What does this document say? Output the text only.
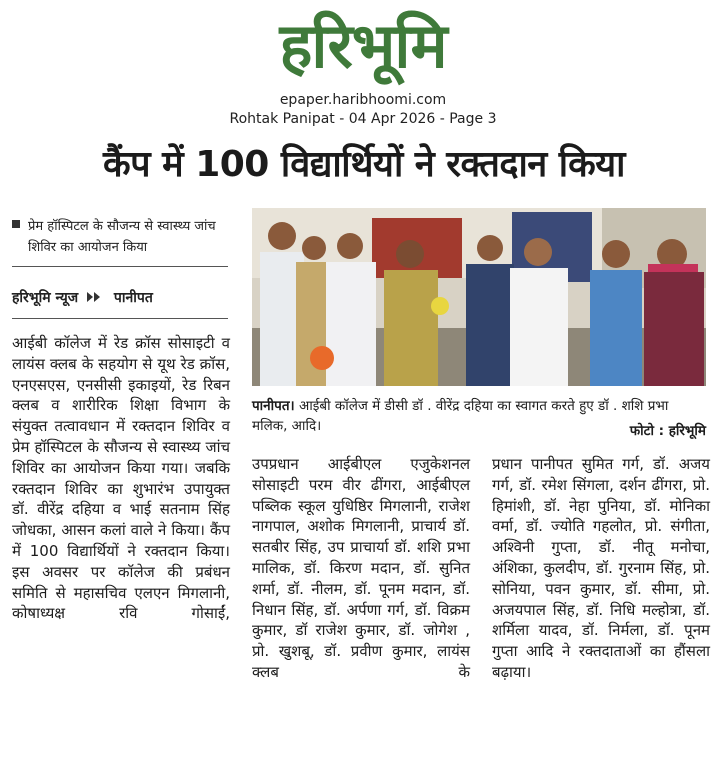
हरिभूमि
epaper.haribhoomi.com
Rohtak Panipat - 04 Apr 2026 - Page 3
कैंप में 100 विद्यार्थियों ने रक्तदान किया
प्रेम हॉस्पिटल के सौजन्य से स्वास्थ्य जांच शिविर का आयोजन किया
हरिभूमि न्यूज	पानीपत

आईबी कॉलेज में रेड क्रॉस सोसाइटी व लायंस क्लब के सहयोग से यूथ रेड क्रॉस, एनएसएस, एनसीसी इकाइयों, रेड रिबन क्लब व शारीरिक शिक्षा विभाग के संयुक्त तत्वावधान में रक्तदान शिविर व प्रेम हॉस्पिटल के सौजन्य से स्वास्थ्य जांच शिविर का आयोजन किया गया। जबकि रक्तदान शिविर का शुभारंभ उपायुक्त डॉ. वीरेंद्र दहिया व भाई सतनाम सिंह जोधका, आसन कलां वाले ने किया। कैंप में 100 विद्यार्थियों ने रक्तदान किया। इस अवसर पर कॉलेज की प्रबंधन समिति से महासचिव एलएन मिगलानी, कोषाध्यक्ष रवि गोसाईं,

पानीपत। आईबी कॉलेज में डीसी डॉ . वीरेंद्र दहिया का स्वागत करते हुए डॉ . शशि प्रभा मलिक, आदि।	फोटो : हरिभूमि

उपप्रधान आईबीएल एजुकेशनल सोसाइटी परम वीर ढींगरा, आईबीएल पब्लिक स्कूल युधिष्ठिर मिगलानी, राजेश नागपाल, अशोक मिगलानी, प्राचार्य डॉ. सतबीर सिंह, उप प्राचार्या डॉ. शशि प्रभा मालिक, डॉ. किरण मदान, डॉ. सुनित शर्मा, डॉ. नीलम, डॉ. पूनम मदान, डॉ. निधान सिंह, डॉ. अर्पणा गर्ग, डॉ. विक्रम कुमार, डॉ राजेश कुमार, डॉ. जोगेश , प्रो. खुशबू, डॉ. प्रवीण कुमार, लायंस क्लब के

प्रधान पानीपत सुमित गर्ग, डॉ. अजय गर्ग, डॉ. रमेश सिंगला, दर्शन ढींगरा, प्रो. हिमांशी, डॉ. नेहा पुनिया, डॉ. मोनिका वर्मा, डॉ. ज्योति गहलोत, प्रो. संगीता, अश्विनी गुप्ता, डॉ. नीतू मनोचा, अंशिका, कुलदीप, डॉ. गुरनाम सिंह, प्रो. सोनिया, पवन कुमार, डॉ. सीमा, प्रो. अजयपाल सिंह, डॉ. निधि मल्होत्रा, डॉ. शर्मिला यादव, डॉ. निर्मला, डॉ. पूनम गुप्ता आदि ने रक्तदाताओं का हौंसला बढ़ाया।
